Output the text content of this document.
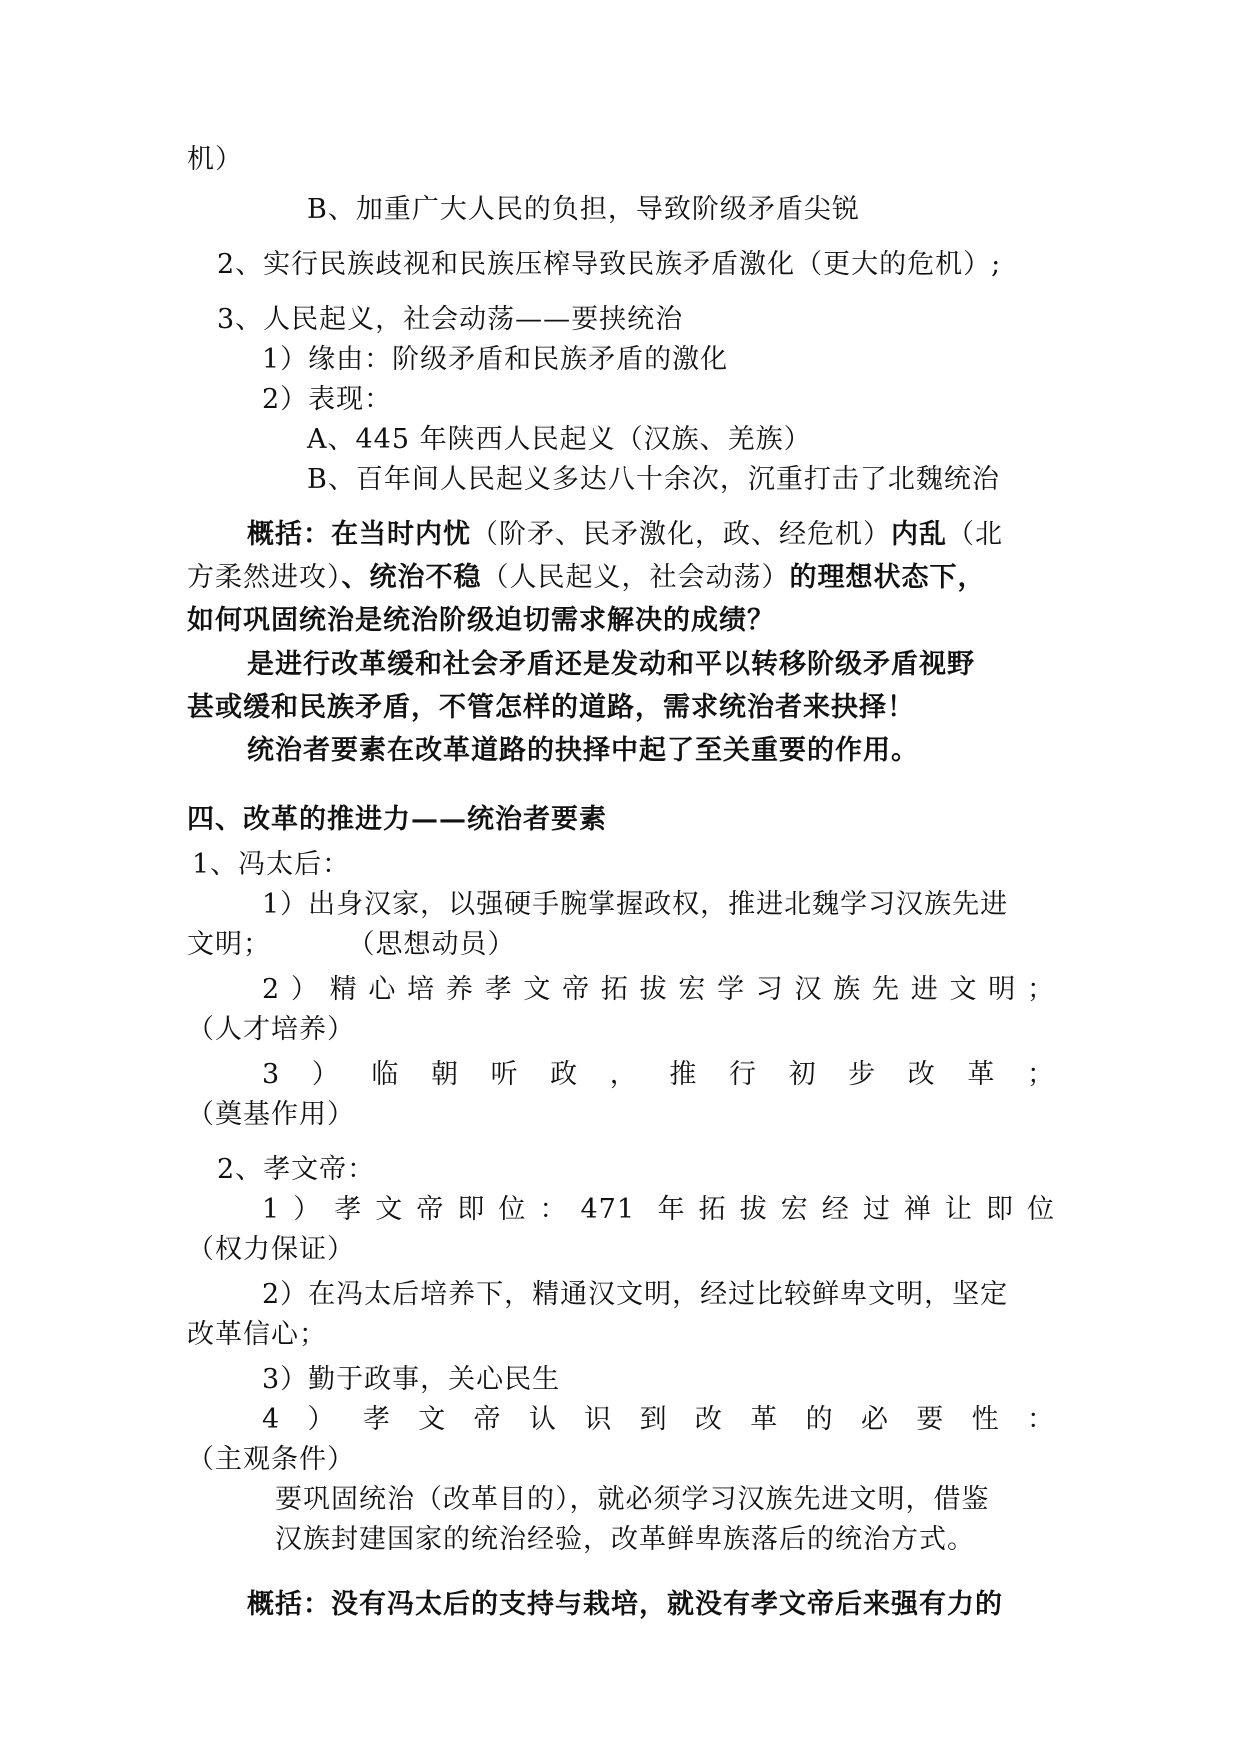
机）
B、加重广大人民的负担，导致阶级矛盾尖锐
2、实行民族歧视和民族压榨导致民族矛盾激化（更大的危机）;
3、人民起义，社会动荡——要挟统治
1）缘由：阶级矛盾和民族矛盾的激化
2）表现：
A、445 年陕西人民起义（汉族、羌族）
B、百年间人民起义多达八十余次，沉重打击了北魏统治
概括：在当时内忧（阶矛、民矛激化，政、经危机）内乱（北
方柔然进攻）、统治不稳（人民起义，社会动荡）的理想状态下，
如何巩固统治是统治阶级迫切需求解决的成绩？
是进行改革缓和社会矛盾还是发动和平以转移阶级矛盾视野
甚或缓和民族矛盾，不管怎样的道路，需求统治者来抉择！
统治者要素在改革道路的抉择中起了至关重要的作用。
四、改革的推进力——统治者要素
1、冯太后：
1）出身汉家，以强硬手腕掌握政权，推进北魏学习汉族先进
文明；	（思想动员）
2）精心培养孝文帝拓拔宏学习汉族先进文明；
（人才培养）
3）临朝听政，推行初步改革；
（奠基作用）
2、孝文帝：
1）孝文帝即位：471 年拓拔宏经过禅让即位
（权力保证）
2）在冯太后培养下，精通汉文明，经过比较鲜卑文明，坚定
改革信心；
3）勤于政事，关心民生
4）孝文帝认识到改革的必要性：
（主观条件）
要巩固统治（改革目的），就必须学习汉族先进文明，借鉴
汉族封建国家的统治经验，改革鲜卑族落后的统治方式。
概括：没有冯太后的支持与栽培，就没有孝文帝后来强有力的
